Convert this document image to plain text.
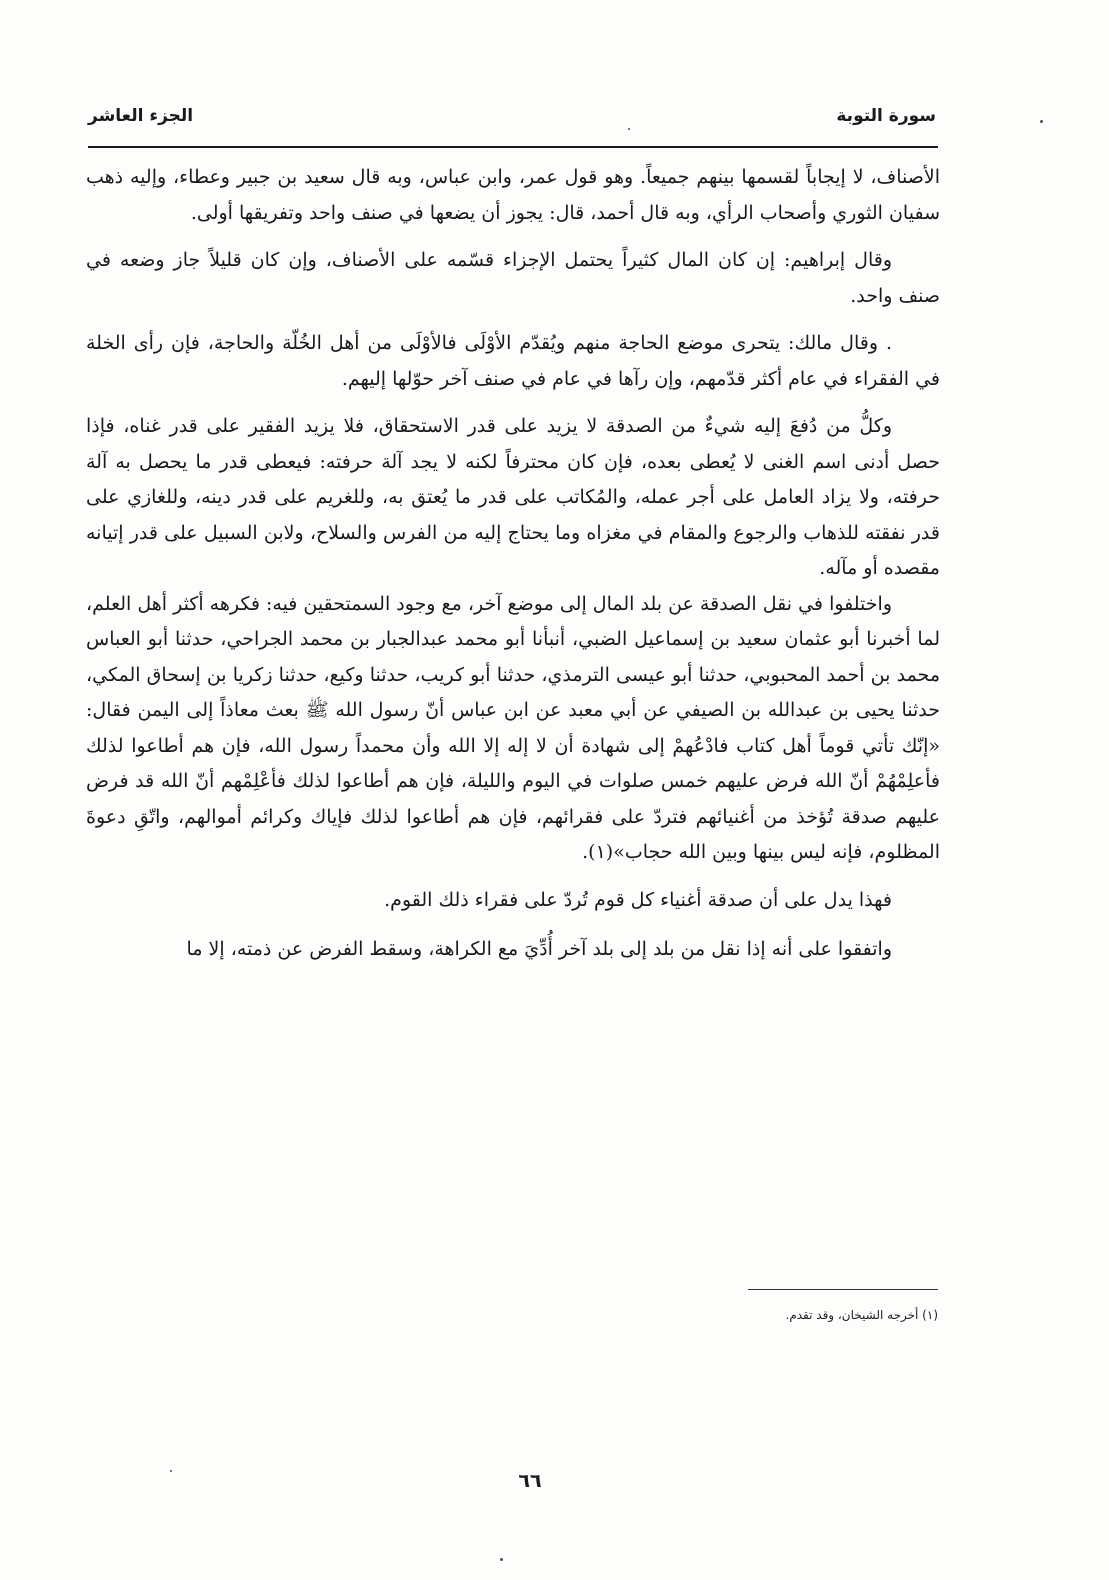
سورة التوبة
الجزء العاشر

الأصناف، لا إيجاباً لقسمها بينهم جميعاً. وهو قول عمر، وابن عباس، وبه قال سعيد بن جبير وعطاء، وإليه ذهب سفيان الثوري وأصحاب الرأي، وبه قال أحمد، قال: يجوز أن يضعها في صنف واحد وتفريقها أولى.

وقال إبراهيم: إن كان المال كثيراً يحتمل الإجزاء قسّمه على الأصناف، وإن كان قليلاً جاز وضعه في صنف واحد.

. وقال مالك: يتحرى موضع الحاجة منهم ويُقدّم الأوْلَى فالأوْلَى من أهل الخُلّة والحاجة، فإن رأى الخلة في الفقراء في عام أكثر قدّمهم، وإن رآها في عام في صنف آخر حوّلها إليهم.

وكلُّ من دُفعَ إليه شيءٌ من الصدقة لا يزيد على قدر الاستحقاق، فلا يزيد الفقير على قدر غناه، فإذا حصل أدنى اسم الغنى لا يُعطى بعده، فإن كان محترفاً لكنه لا يجد آلة حرفته: فيعطى قدر ما يحصل به آلة حرفته، ولا يزاد العامل على أجر عمله، والمُكاتب على قدر ما يُعتق به، وللغريم على قدر دينه، وللغازي على قدر نفقته للذهاب والرجوع والمقام في مغزاه وما يحتاج إليه من الفرس والسلاح، ولابن السبيل على قدر إتيانه مقصده أو مآله.

واختلفوا في نقل الصدقة عن بلد المال إلى موضع آخر، مع وجود السمتحقين فيه: فكرهه أكثر أهل العلم، لما أخبرنا أبو عثمان سعيد بن إسماعيل الضبي، أنبأنا أبو محمد عبدالجبار بن محمد الجراحي، حدثنا أبو العباس محمد بن أحمد المحبوبي، حدثنا أبو عيسى الترمذي، حدثنا أبو كريب، حدثنا وكيع، حدثنا زكريا بن إسحاق المكي، حدثنا يحيى بن عبدالله بن الصيفي عن أبي معبد عن ابن عباس أنّ رسول الله ﷺ بعث معاذاً إلى اليمن فقال: «إنّك تأتي قوماً أهل كتاب فادْعُهمْ إلى شهادة أن لا إله إلا الله وأن محمداً رسول الله، فإن هم أطاعوا لذلك فأعلِمْهُمْ أنّ الله فرض عليهم خمس صلوات في اليوم والليلة، فإن هم أطاعوا لذلك فأعْلِمْهم أنّ الله قد فرض عليهم صدقة تُؤخذ من أغنيائهم فتردّ على فقرائهم، فإن هم أطاعوا لذلك فإياك وكرائم أموالهم، واتّقِ دعوةَ المظلوم، فإنه ليس بينها وبين الله حجاب»(١).

فهذا يدل على أن صدقة أغنياء كل قوم تُردّ على فقراء ذلك القوم.

واتفقوا على أنه إذا نقل من بلد إلى بلد آخر أُدِّيَ مع الكراهة، وسقط الفرض عن ذمته، إلا ما

(١) أخرجه الشيخان، وقد تقدم.
٦٦
